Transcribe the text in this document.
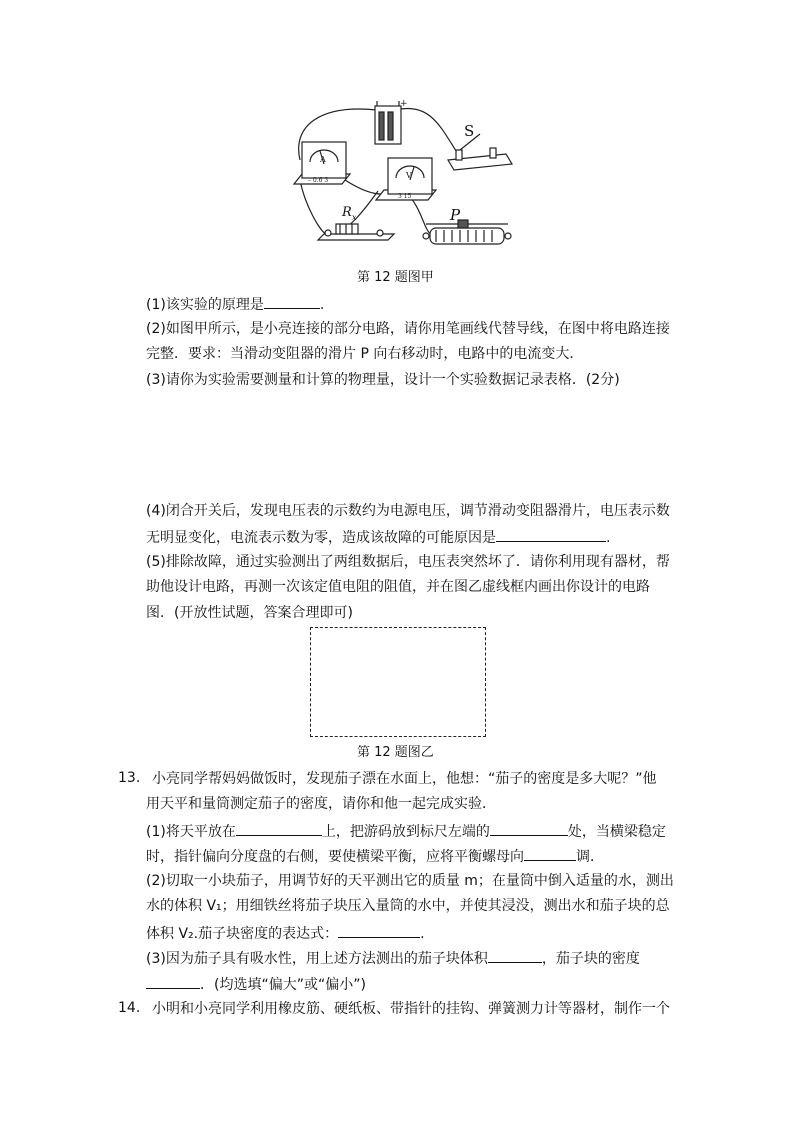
+
S
A
– 0.6 3
V
3 15
R x	P
第 12 题图甲
(1)该实验的原理是	.
(2)如图甲所示，是小亮连接的部分电路，请你用笔画线代替导线，在图中将电路连接
完整．要求：当滑动变阻器的滑片 P 向右移动时，电路中的电流变大．
(3)请你为实验需要测量和计算的物理量，设计一个实验数据记录表格．(2分)
(4)闭合开关后，发现电压表的示数约为电源电压，调节滑动变阻器滑片，电压表示数
无明显变化，电流表示数为零，造成该故障的可能原因是	.
(5)排除故障，通过实验测出了两组数据后，电压表突然坏了．请你利用现有器材，帮
助他设计电路，再测一次该定值电阻的阻值，并在图乙虚线框内画出你设计的电路
图．(开放性试题，答案合理即可)
第 12 题图乙
13. 小亮同学帮妈妈做饭时，发现茄子漂在水面上，他想：“茄子的密度是多大呢？”他
用天平和量筒测定茄子的密度，请你和他一起完成实验．
(1)将天平放在	上，把游码放到标尺左端的	处，当横梁稳定
时，指针偏向分度盘的右侧，要使横梁平衡，应将平衡螺母向	调．
(2)切取一小块茄子，用调节好的天平测出它的质量 m；在量筒中倒入适量的水，测出
水的体积 V₁；用细铁丝将茄子块压入量筒的水中，并使其浸没，测出水和茄子块的总
体积 V₂.茄子块密度的表达式：	.
(3)因为茄子具有吸水性，用上述方法测出的茄子块体积	，茄子块的密度
．(均选填“偏大”或“偏小”)
14. 小明和小亮同学利用橡皮筋、硬纸板、带指针的挂钩、弹簧测力计等器材，制作一个
